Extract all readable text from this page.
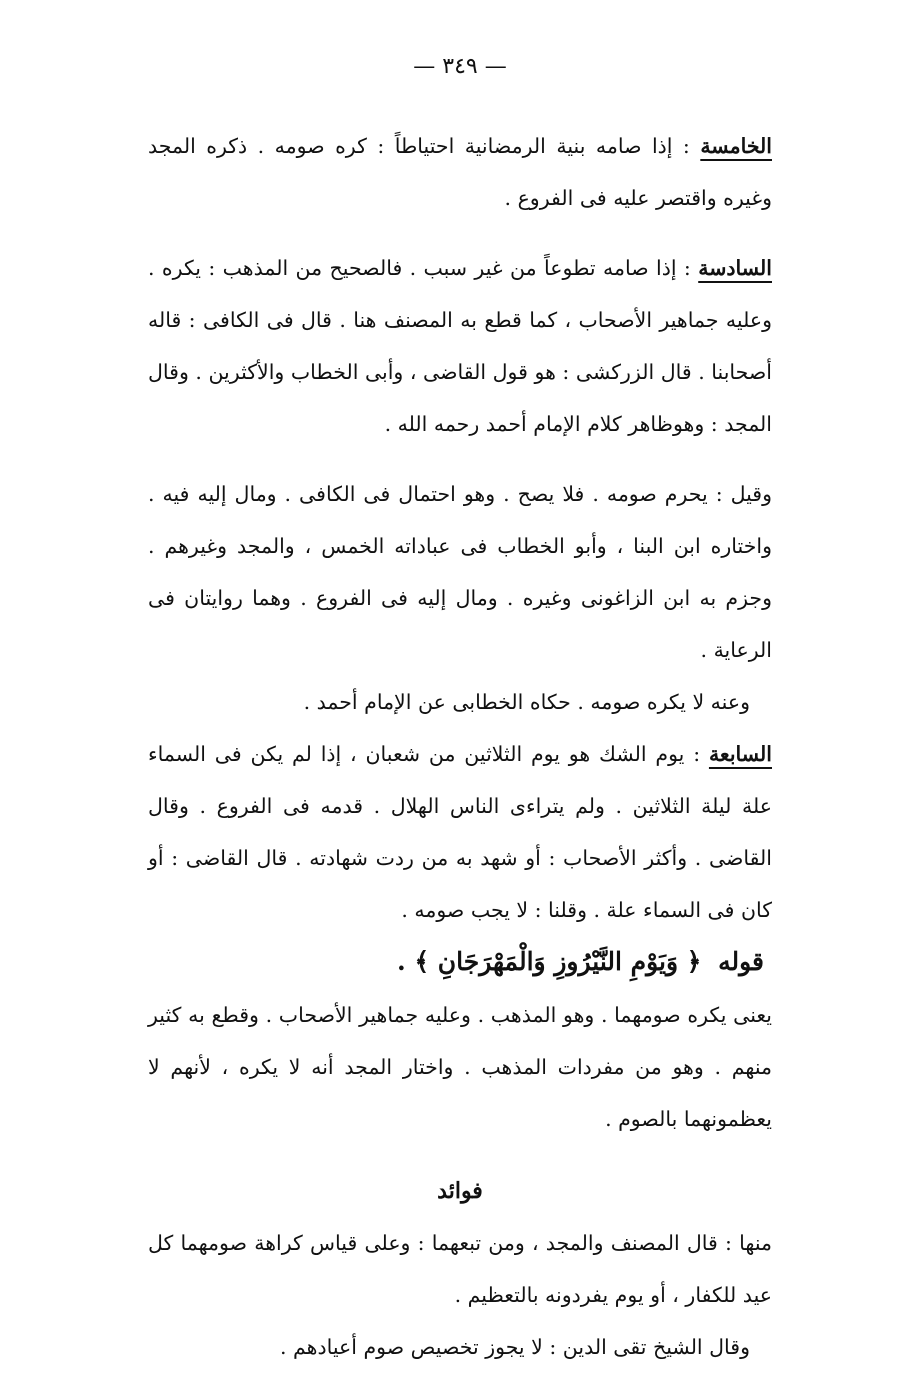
— ٣٤٩ —

الخامسة : إذا صامه بنية الرمضانية احتياطاً : كره صومه . ذكره المجد وغيره واقتصر عليه فى الفروع .

السادسة : إذا صامه تطوعاً من غير سبب . فالصحيح من المذهب : يكره . وعليه جماهير الأصحاب ، كما قطع به المصنف هنا . قال فى الكافى : قاله أصحابنا . قال الزركشى : هو قول القاضى ، وأبى الخطاب والأكثرين . وقال المجد : وهوظاهر كلام الإمام أحمد رحمه الله .

وقيل : يحرم صومه . فلا يصح . وهو احتمال فى الكافى . ومال إليه فيه . واختاره ابن البنا ، وأبو الخطاب فى عباداته الخمس ، والمجد وغيرهم . وجزم به ابن الزاغونى وغيره . ومال إليه فى الفروع . وهما روايتان فى الرعاية .

وعنه لا يكره صومه . حكاه الخطابى عن الإمام أحمد .

السابعة : يوم الشك هو يوم الثلاثين من شعبان ، إذا لم يكن فى السماء علة ليلة الثلاثين . ولم يتراءى الناس الهلال . قدمه فى الفروع . وقال القاضى . وأكثر الأصحاب : أو شهد به من ردت شهادته . قال القاضى : أو كان فى السماء علة . وقلنا : لا يجب صومه .

قوله ﴿ وَيَوْمِ النَّيْرُوزِ وَالْمَهْرَجَانِ ﴾ .

يعنى يكره صومهما . وهو المذهب . وعليه جماهير الأصحاب . وقطع به كثير منهم . وهو من مفردات المذهب . واختار المجد أنه لا يكره ، لأنهم لا يعظمونهما بالصوم .

فوائد

منها : قال المصنف والمجد ، ومن تبعهما : وعلى قياس كراهة صومهما كل عيد للكفار ، أو يوم يفردونه بالتعظيم .

وقال الشيخ تقى الدين : لا يجوز تخصيص صوم أعيادهم .
